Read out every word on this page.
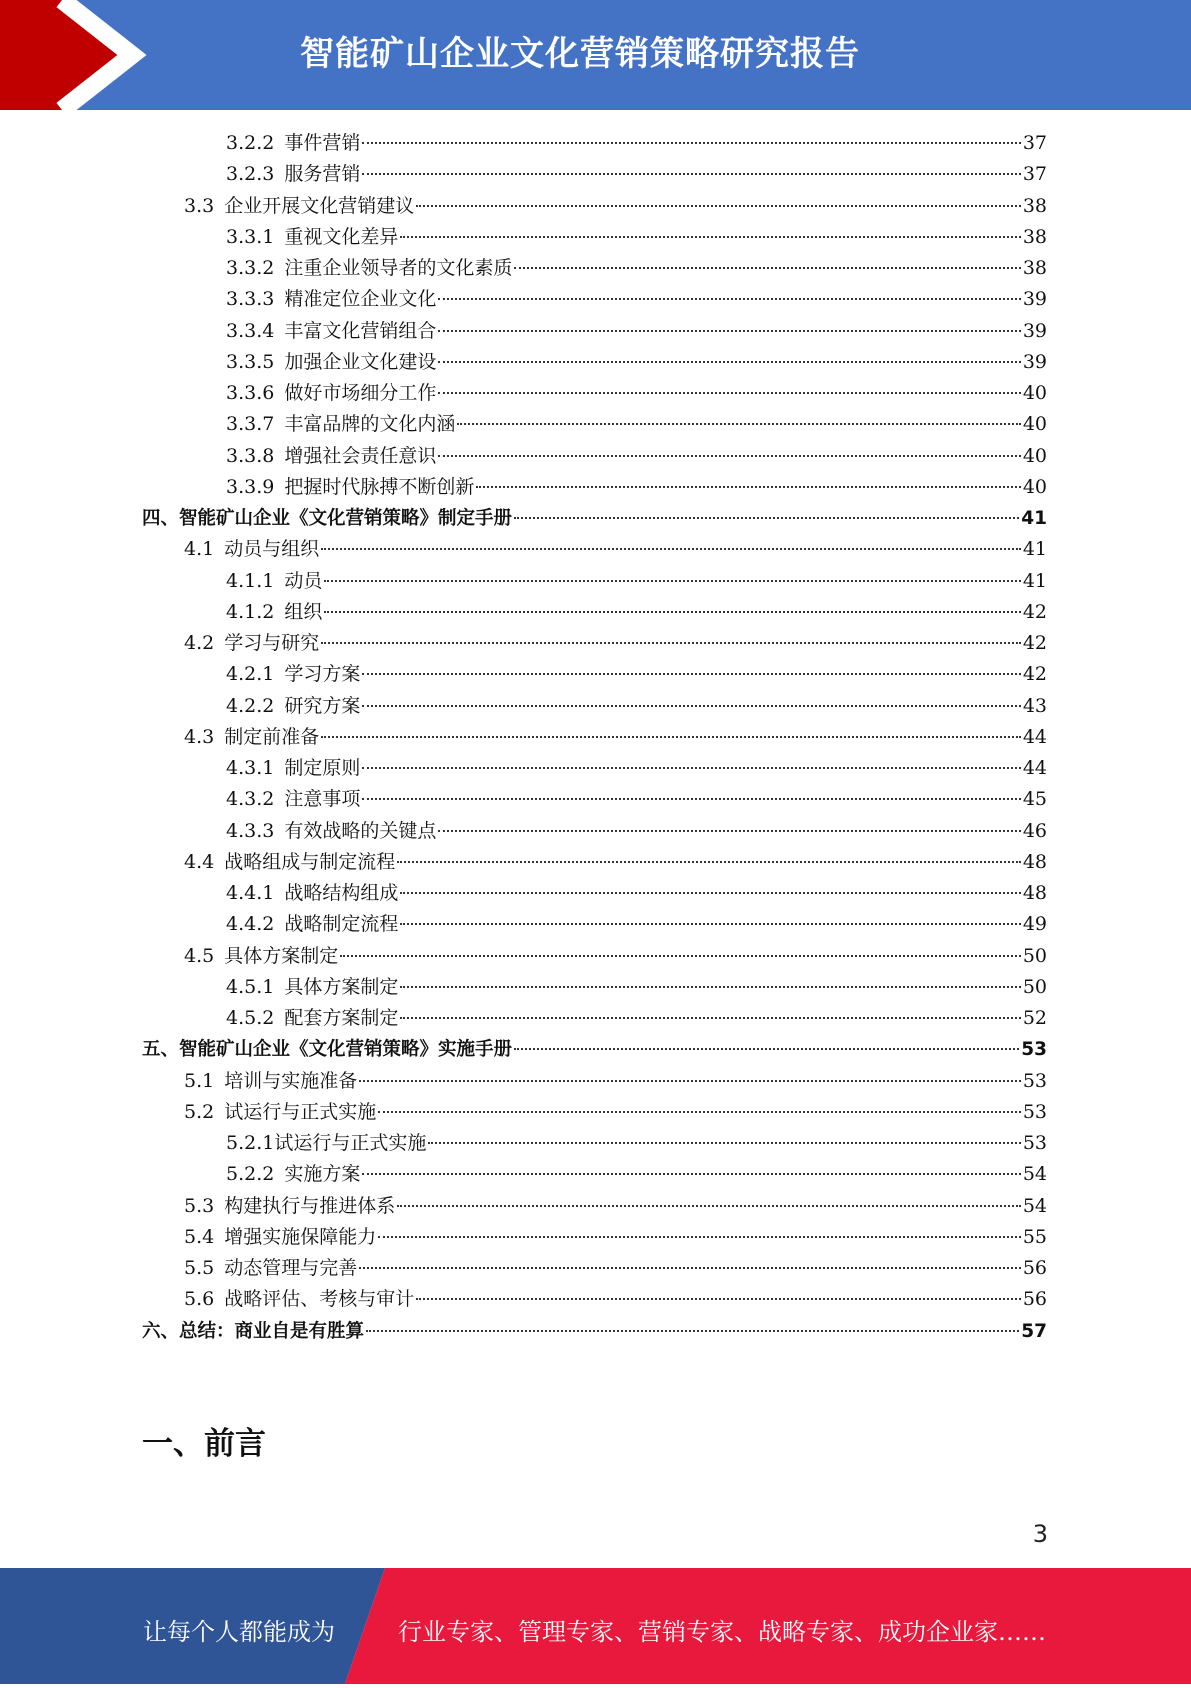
智能矿山企业文化营销策略研究报告
3.2.2 事件营销	37
3.2.3 服务营销	37
3.3 企业开展文化营销建议	38
3.3.1 重视文化差异	38
3.3.2 注重企业领导者的文化素质	38
3.3.3 精准定位企业文化	39
3.3.4 丰富文化营销组合	39
3.3.5 加强企业文化建设	39
3.3.6 做好市场细分工作	40
3.3.7 丰富品牌的文化内涵	40
3.3.8 增强社会责任意识	40
3.3.9 把握时代脉搏不断创新	40
四、 智能矿山企业《文化营销策略》制定手册	41
4.1 动员与组织	41
4.1.1 动员	41
4.1.2 组织	42
4.2 学习与研究	42
4.2.1 学习方案	42
4.2.2 研究方案	43
4.3 制定前准备	44
4.3.1 制定原则	44
4.3.2 注意事项	45
4.3.3 有效战略的关键点	46
4.4 战略组成与制定流程	48
4.4.1 战略结构组成	48
4.4.2 战略制定流程	49
4.5 具体方案制定	50
4.5.1 具体方案制定	50
4.5.2 配套方案制定	52
五、 智能矿山企业《文化营销策略》实施手册	53
5.1 培训与实施准备	53
5.2 试运行与正式实施	53
5.2.1 试运行与正式实施	53
5.2.2 实施方案	54
5.3 构建执行与推进体系	54
5.4 增强实施保障能力	55
5.5 动态管理与完善	56
5.6 战略评估、考核与审计	56
六、 总结：商业自是有胜算	57
一、前言
3
让每个人都能成为	行业专家、管理专家、营销专家、战略专家、成功企业家……
